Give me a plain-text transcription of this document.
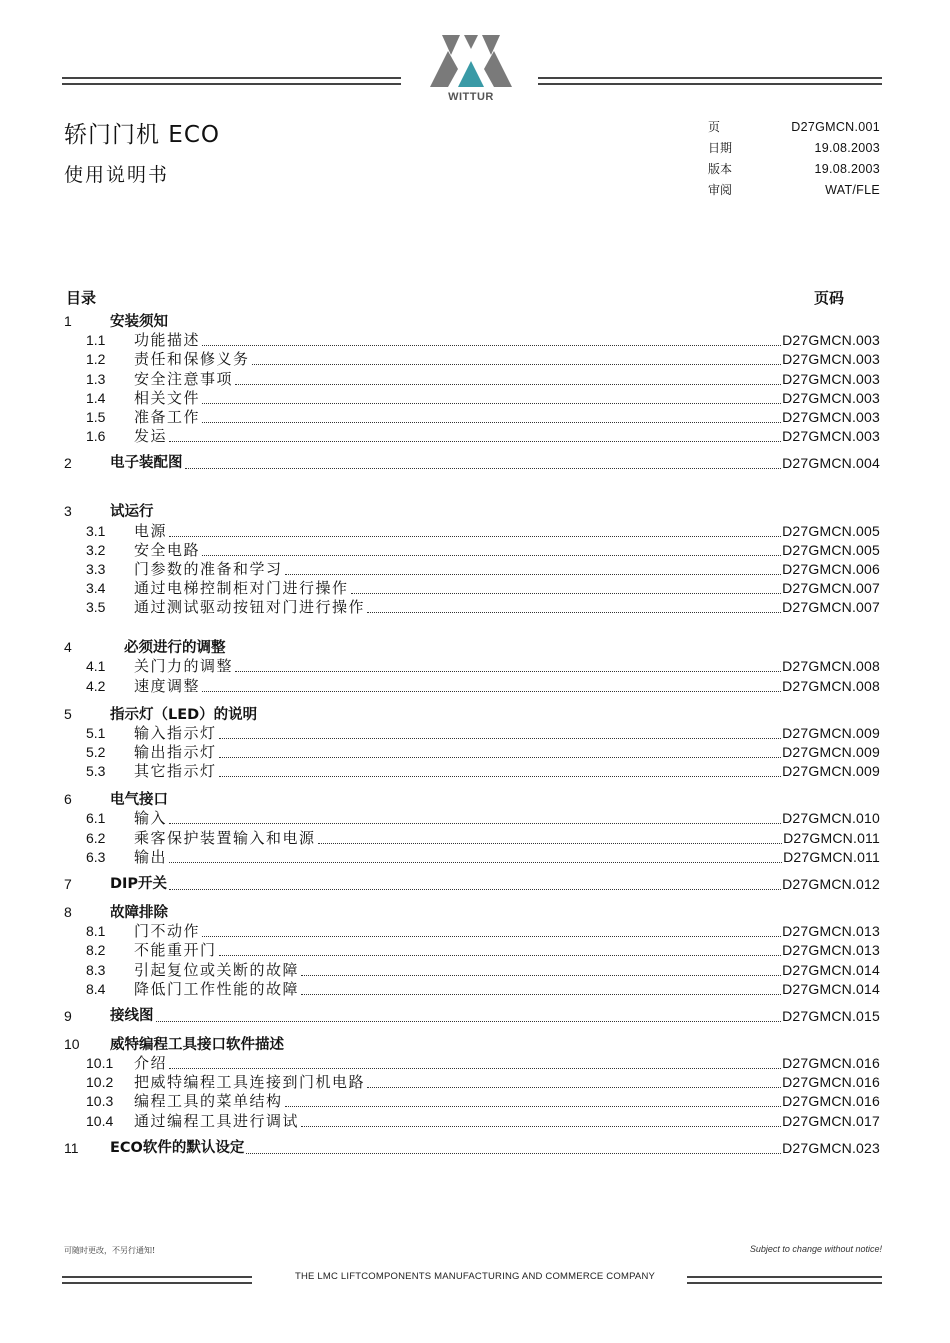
WITTUR
轿门门机 ECO
使用说明书
页	D27GMCN.001
日期	19.08.2003
版本	19.08.2003
审阅	WAT/FLE
目录	页码
1	安装须知
1.1	功能描述	D27GMCN.003
1.2	责任和保修义务	D27GMCN.003
1.3	安全注意事项	D27GMCN.003
1.4	相关文件	D27GMCN.003
1.5	准备工作	D27GMCN.003
1.6	发运	D27GMCN.003
2	电子装配图	D27GMCN.004
3	试运行
3.1	电源	D27GMCN.005
3.2	安全电路	D27GMCN.005
3.3	门参数的准备和学习	D27GMCN.006
3.4	通过电梯控制柜对门进行操作	D27GMCN.007
3.5	通过测试驱动按钮对门进行操作	D27GMCN.007
4	必须进行的调整
4.1	关门力的调整	D27GMCN.008
4.2	速度调整	D27GMCN.008
5	指示灯（LED）的说明
5.1	输入指示灯	D27GMCN.009
5.2	输出指示灯	D27GMCN.009
5.3	其它指示灯	D27GMCN.009
6	电气接口
6.1	输入	D27GMCN.010
6.2	乘客保护装置输入和电源	D27GMCN.011
6.3	输出	D27GMCN.011
7	DIP开关	D27GMCN.012
8	故障排除
8.1	门不动作	D27GMCN.013
8.2	不能重开门	D27GMCN.013
8.3	引起复位或关断的故障	D27GMCN.014
8.4	降低门工作性能的故障	D27GMCN.014
9	接线图	D27GMCN.015
10	威特编程工具接口软件描述
10.1	介绍	D27GMCN.016
10.2	把威特编程工具连接到门机电路	D27GMCN.016
10.3	编程工具的菜单结构	D27GMCN.016
10.4	通过编程工具进行调试	D27GMCN.017
11	ECO软件的默认设定	D27GMCN.023
可随时更改，不另行通知!	Subject to change without notice!
THE LMC LIFTCOMPONENTS MANUFACTURING AND COMMERCE COMPANY
